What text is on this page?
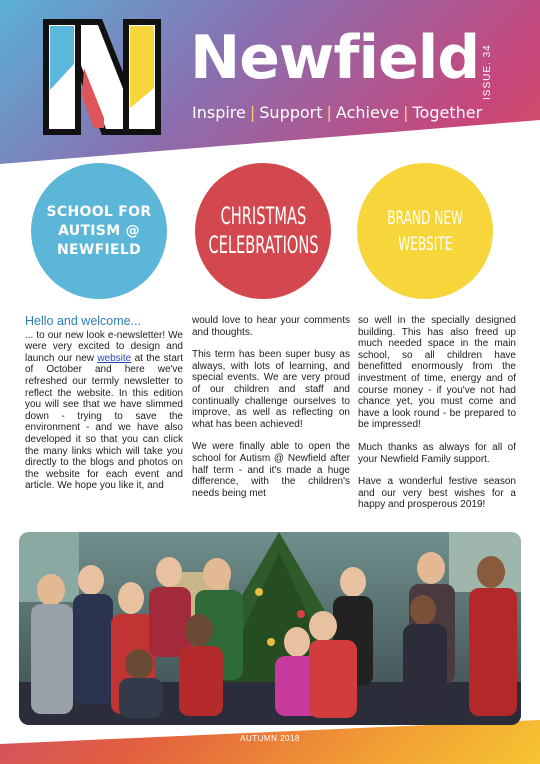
Newfield
Inspire | Support | Achieve | Together
ISSUE. 34
SCHOOL FOR AUTISM @ NEWFIELD
CHRISTMAS
CELEBRATIONS
BRAND NEW
WEBSITE
Hello and welcome...

... to our new look e-newsletter! We were very excited to design and launch our new website at the start of October and here we've refreshed our termly newsletter to reflect the website. In this edition you will see that we have slimmed down - trying to save the environment - and we have also developed it so that you can click the many links which will take you directly to the blogs and photos on the website for each event and article. We hope you like it, and

would love to hear your comments and thoughts.

This term has been super busy as always, with lots of learning, and special events. We are very proud of our children and staff and continually challenge ourselves to improve, as well as reflecting on what has been achieved!

We were finally able to open the school for Autism @ Newfield after half term - and it's made a huge difference, with the children's needs being met

so well in the specially designed building. This has also freed up much needed space in the main school, so all children have benefitted enormously from the investment of time, energy and of course money - if you've not had chance yet, you must come and have a look round - be prepared to be impressed!

Much thanks as always for all of your Newfield Family support.

Have a wonderful festive season and our very best wishes for a happy and prosperous 2019!

AUTUMN 2018
